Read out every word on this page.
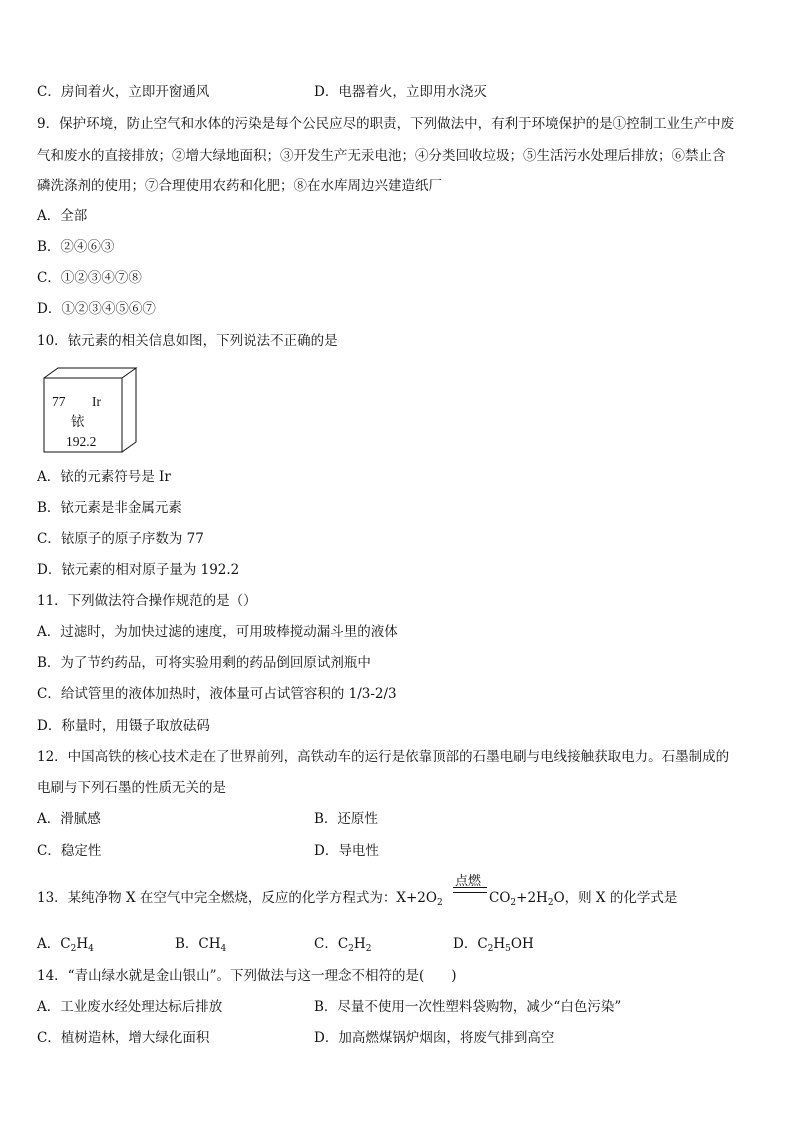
C．房间着火，立即开窗通风	D．电器着火，立即用水浇灭
9．保护环境，防止空气和水体的污染是每个公民应尽的职责，下列做法中，有利于环境保护的是①控制工业生产中废
气和废水的直接排放；②增大绿地面积；③开发生产无汞电池；④分类回收垃圾；⑤生活污水处理后排放；⑥禁止含
磷洗涤剂的使用；⑦合理使用农药和化肥；⑧在水库周边兴建造纸厂
A．全部
B．②④⑥③
C．①②③④⑦⑧
D．①②③④⑤⑥⑦
10．铱元素的相关信息如图，下列说法不正确的是
77 Ir
铱
192.2
A．铱的元素符号是 Ir
B．铱元素是非金属元素
C．铱原子的原子序数为 77
D．铱元素的相对原子量为 192.2
11．下列做法符合操作规范的是（）
A．过滤时，为加快过滤的速度，可用玻棒搅动漏斗里的液体
B．为了节约药品，可将实验用剩的药品倒回原试剂瓶中
C．给试管里的液体加热时，液体量可占试管容积的 1/3-2/3
D．称量时，用镊子取放砝码
12．中国高铁的核心技术走在了世界前列，高铁动车的运行是依靠顶部的石墨电刷与电线接触获取电力。石墨制成的
电刷与下列石墨的性质无关的是
A．滑腻感	B．还原性
C．稳定性	D．导电性
13．某纯净物 X 在空气中完全燃烧，反应的化学方程式为：$X+2O_2$
点燃
$CO_2+2H_2O$，则 X 的化学式是
A．$C_2H_4$	B．$CH_4$	C．$C_2H_2$	D．$C_2H_5OH$
14．“青山绿水就是金山银山”。下列做法与这一理念不相符的是(　　)
A．工业废水经处理达标后排放	B．尽量不使用一次性塑料袋购物，减少“白色污染”
C．植树造林，增大绿化面积	D．加高燃煤锅炉烟囱，将废气排到高空
